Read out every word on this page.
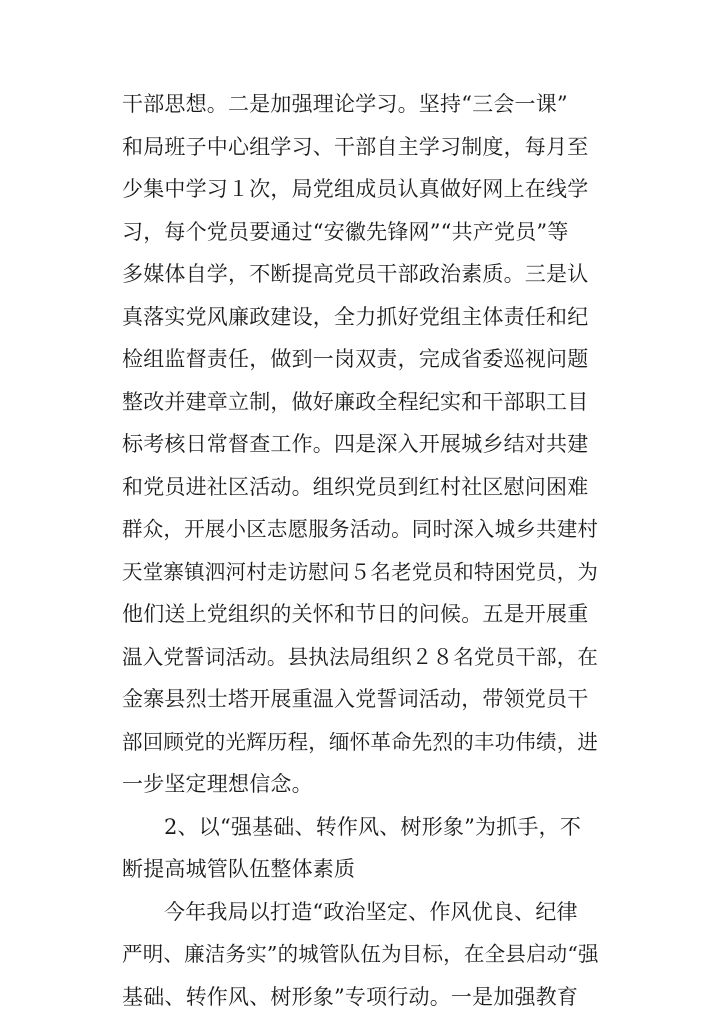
干部思想。二是加强理论学习。坚持“三会一课”
和局班子中心组学习、干部自主学习制度，每月至
少集中学习１次，局党组成员认真做好网上在线学
习，每个党员要通过“安徽先锋网”“共产党员”等
多媒体自学，不断提高党员干部政治素质。三是认
真落实党风廉政建设，全力抓好党组主体责任和纪
检组监督责任，做到一岗双责，完成省委巡视问题
整改并建章立制，做好廉政全程纪实和干部职工目
标考核日常督查工作。四是深入开展城乡结对共建
和党员进社区活动。组织党员到红村社区慰问困难
群众，开展小区志愿服务活动。同时深入城乡共建村
天堂寨镇泗河村走访慰问５名老党员和特困党员，为
他们送上党组织的关怀和节日的问候。五是开展重
温入党誓词活动。县执法局组织２８名党员干部，在
金寨县烈士塔开展重温入党誓词活动，带领党员干
部回顾党的光辉历程，缅怀革命先烈的丰功伟绩，进
一步坚定理想信念。
2、以“强基础、转作风、树形象”为抓手，不
断提高城管队伍整体素质
今年我局以打造“政治坚定、作风优良、纪律
严明、廉洁务实”的城管队伍为目标，在全县启动“强
基础、转作风、树形象”专项行动。一是加强教育
